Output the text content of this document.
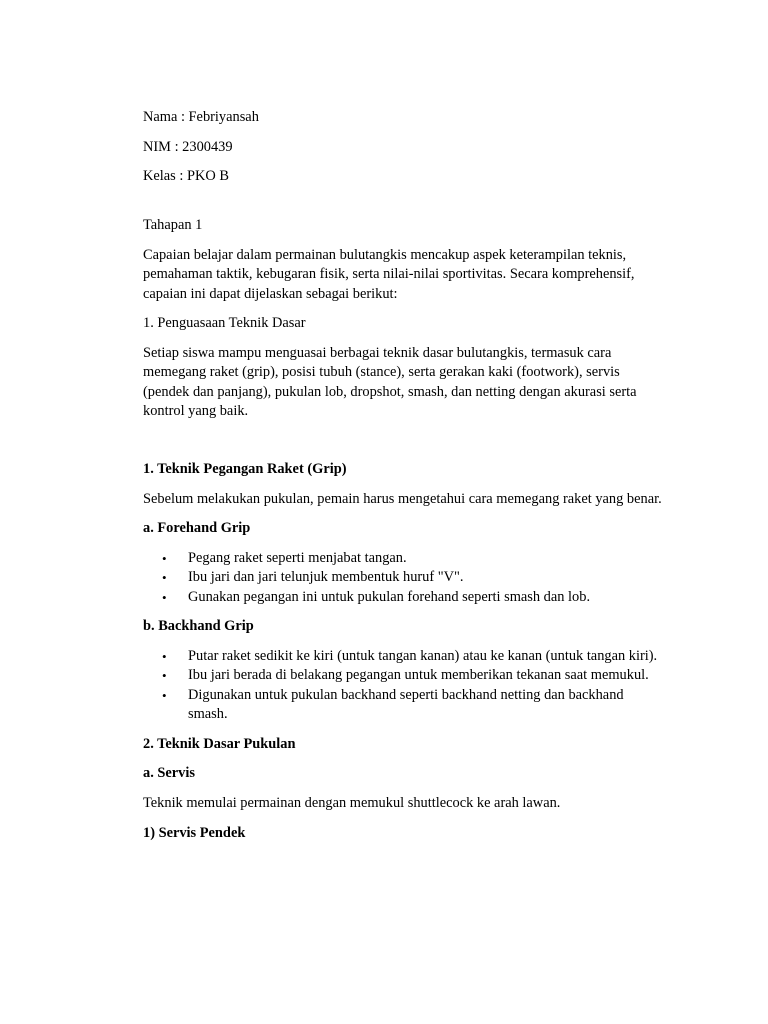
Nama : Febriyansah

NIM : 2300439

Kelas : PKO B

Tahapan 1

Capaian belajar dalam permainan bulutangkis mencakup aspek keterampilan teknis, pemahaman taktik, kebugaran fisik, serta nilai-nilai sportivitas. Secara komprehensif, capaian ini dapat dijelaskan sebagai berikut:

1. Penguasaan Teknik Dasar

Setiap siswa mampu menguasai berbagai teknik dasar bulutangkis, termasuk cara memegang raket (grip), posisi tubuh (stance), serta gerakan kaki (footwork), servis (pendek dan panjang), pukulan lob, dropshot, smash, dan netting dengan akurasi serta kontrol yang baik.

1. Teknik Pegangan Raket (Grip)

Sebelum melakukan pukulan, pemain harus mengetahui cara memegang raket yang benar.

a. Forehand Grip

• Pegang raket seperti menjabat tangan.
• Ibu jari dan jari telunjuk membentuk huruf "V".
• Gunakan pegangan ini untuk pukulan forehand seperti smash dan lob.

b. Backhand Grip

• Putar raket sedikit ke kiri (untuk tangan kanan) atau ke kanan (untuk tangan kiri).
• Ibu jari berada di belakang pegangan untuk memberikan tekanan saat memukul.
• Digunakan untuk pukulan backhand seperti backhand netting dan backhand smash.

2. Teknik Dasar Pukulan

a. Servis

Teknik memulai permainan dengan memukul shuttlecock ke arah lawan.

1) Servis Pendek
